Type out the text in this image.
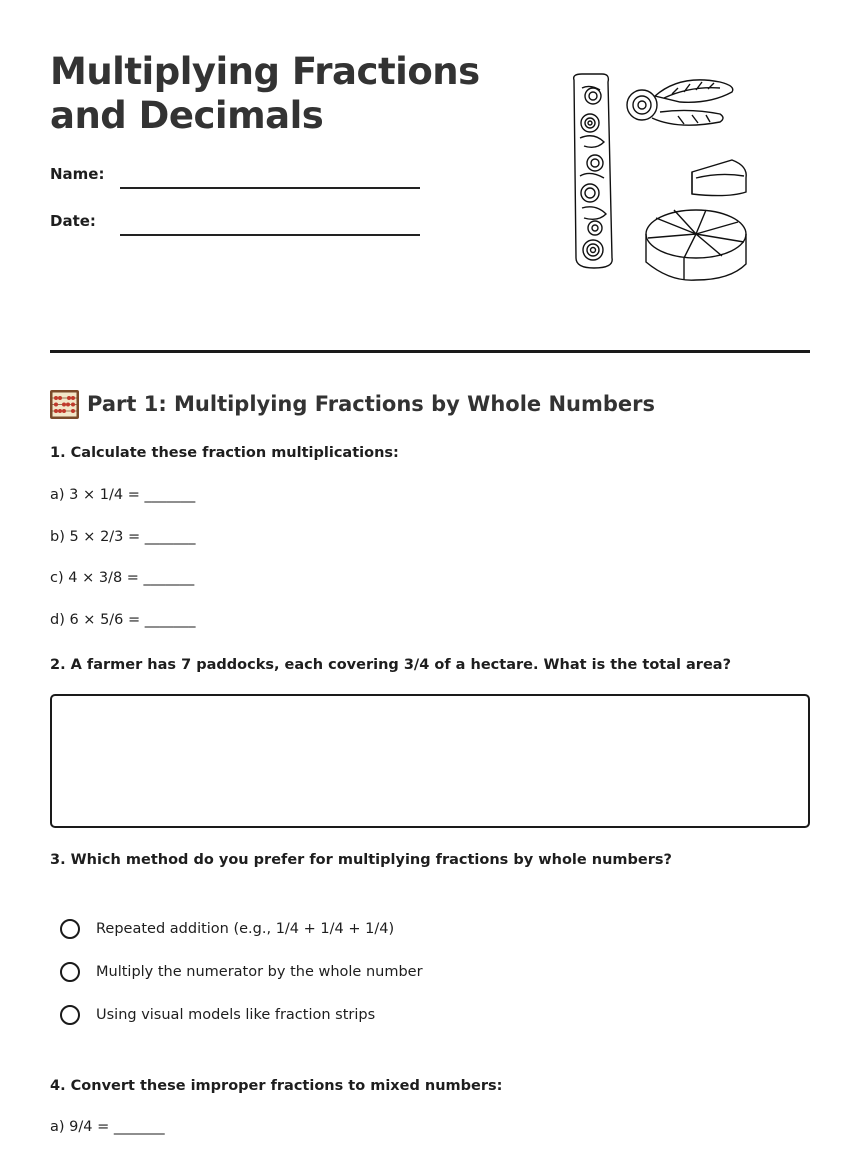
Multiplying Fractions
and Decimals
Name:
Date:
Part 1: Multiplying Fractions by Whole Numbers
1. Calculate these fraction multiplications:
a) 3 × 1/4 = _______
b) 5 × 2/3 = _______
c) 4 × 3/8 = _______
d) 6 × 5/6 = _______
2. A farmer has 7 paddocks, each covering 3/4 of a hectare. What is the total area?
3. Which method do you prefer for multiplying fractions by whole numbers?
Repeated addition (e.g., 1/4 + 1/4 + 1/4)
Multiply the numerator by the whole number
Using visual models like fraction strips
4. Convert these improper fractions to mixed numbers:
a) 9/4 = _______
